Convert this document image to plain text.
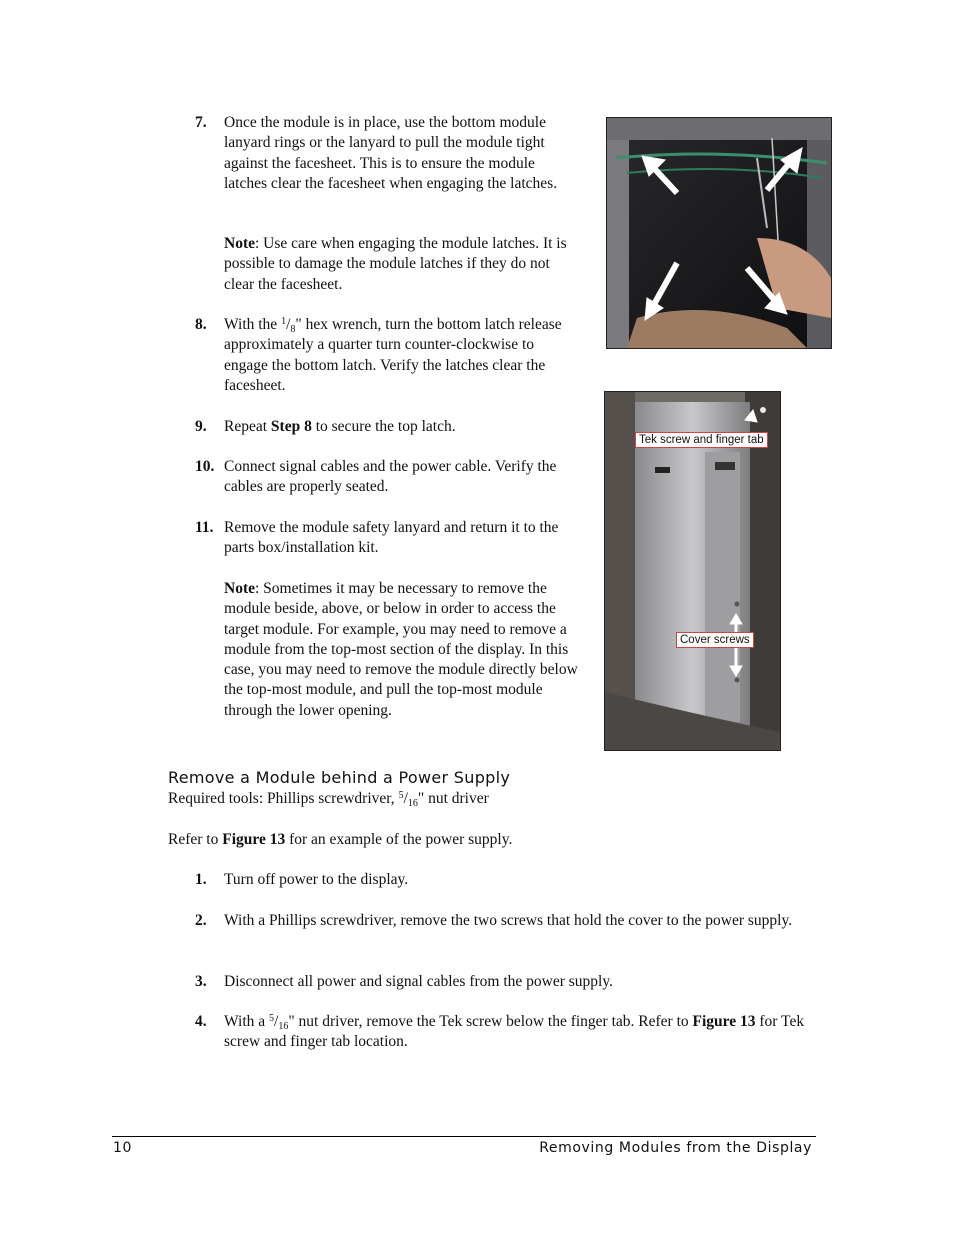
7.	Once the module is in place, use the bottom module lanyard rings or the lanyard to pull the module tight against the facesheet. This is to ensure the module latches clear the facesheet when engaging the latches.
Note: Use care when engaging the module latches. It is possible to damage the module latches if they do not clear the facesheet.
8.	With the $^1/_8$" hex wrench, turn the bottom latch release approximately a quarter turn counter-clockwise to engage the bottom latch. Verify the latches clear the facesheet.
9.	Repeat Step 8 to secure the top latch.
10. Connect signal cables and the power cable. Verify the cables are properly seated.
11. Remove the module safety lanyard and return it to the parts box/installation kit.
Note: Sometimes it may be necessary to remove the module beside, above, or below in order to access the target module. For example, you may need to remove a module from the top-most section of the display. In this case, you may need to remove the module directly below the top-most module, and pull the top-most module through the lower opening.
Tek screw and finger tab
Cover screws
Remove a Module behind a Power Supply
Required tools: Phillips screwdriver, $^5/_{16}$" nut driver
Refer to Figure 13 for an example of the power supply.
1.	Turn off power to the display.
2.	With a Phillips screwdriver, remove the two screws that hold the cover to the power supply.
3.	Disconnect all power and signal cables from the power supply.
4.	With a $^5/_{16}$" nut driver, remove the Tek screw below the finger tab. Refer to Figure 13 for Tek screw and finger tab location.
10	Removing Modules from the Display
